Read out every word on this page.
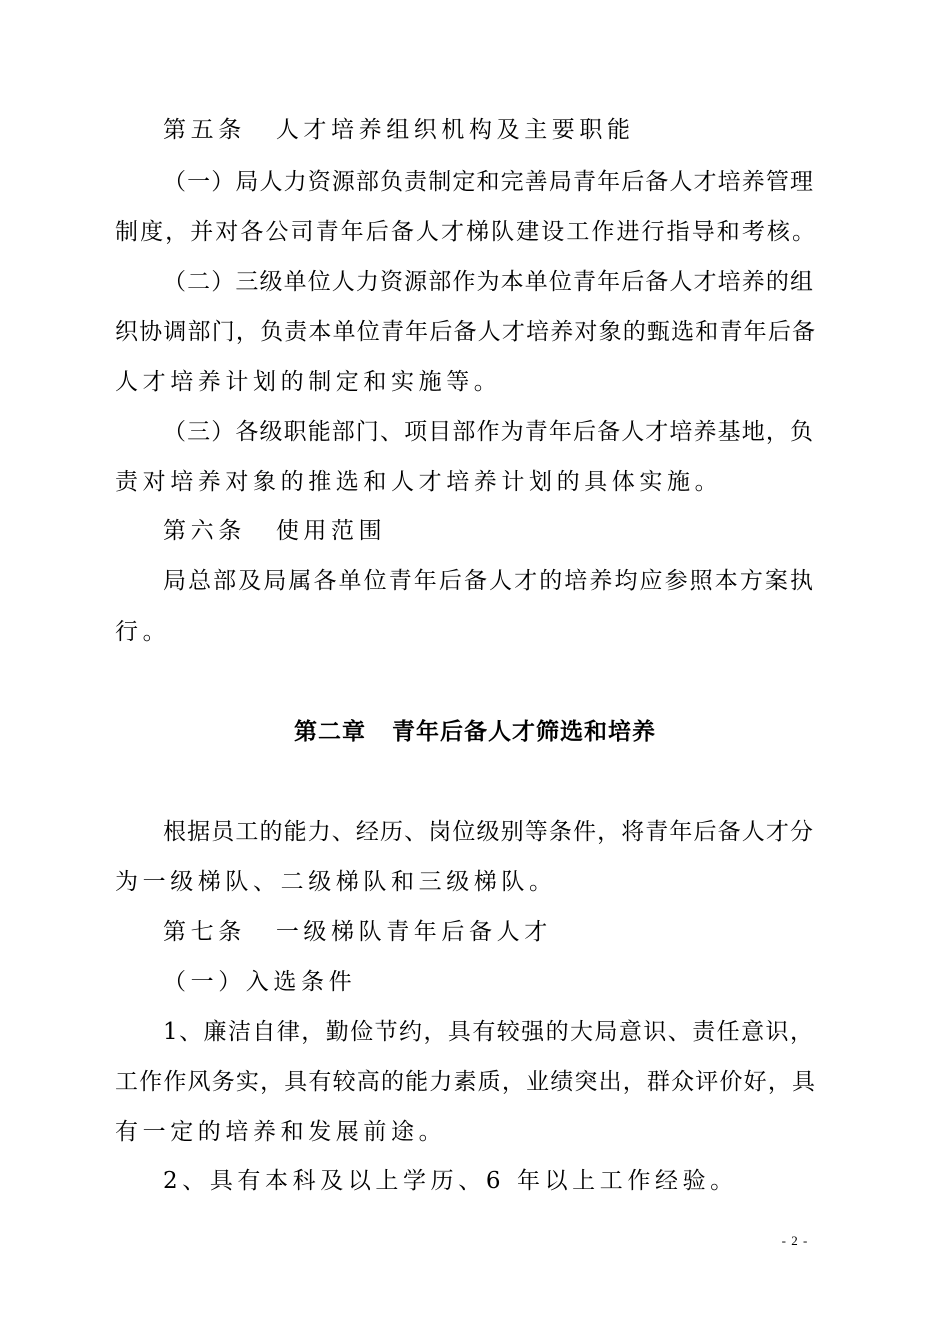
第五条 人才培养组织机构及主要职能
（一）局人力资源部负责制定和完善局青年后备人才培养管理
制度，并对各公司青年后备人才梯队建设工作进行指导和考核。
（二）三级单位人力资源部作为本单位青年后备人才培养的组
织协调部门，负责本单位青年后备人才培养对象的甄选和青年后备
人才培养计划的制定和实施等。
（三）各级职能部门、项目部作为青年后备人才培养基地，负
责对培养对象的推选和人才培养计划的具体实施。
第六条 使用范围
局总部及局属各单位青年后备人才的培养均应参照本方案执
行。
第二章 青年后备人才筛选和培养
根据员工的能力、经历、岗位级别等条件，将青年后备人才分
为一级梯队、二级梯队和三级梯队。
第七条 一级梯队青年后备人才
（一）入选条件
1、廉洁自律，勤俭节约，具有较强的大局意识、责任意识，
工作作风务实，具有较高的能力素质，业绩突出，群众评价好，具
有一定的培养和发展前途。
2、具有本科及以上学历、6 年以上工作经验。
- 2 -
